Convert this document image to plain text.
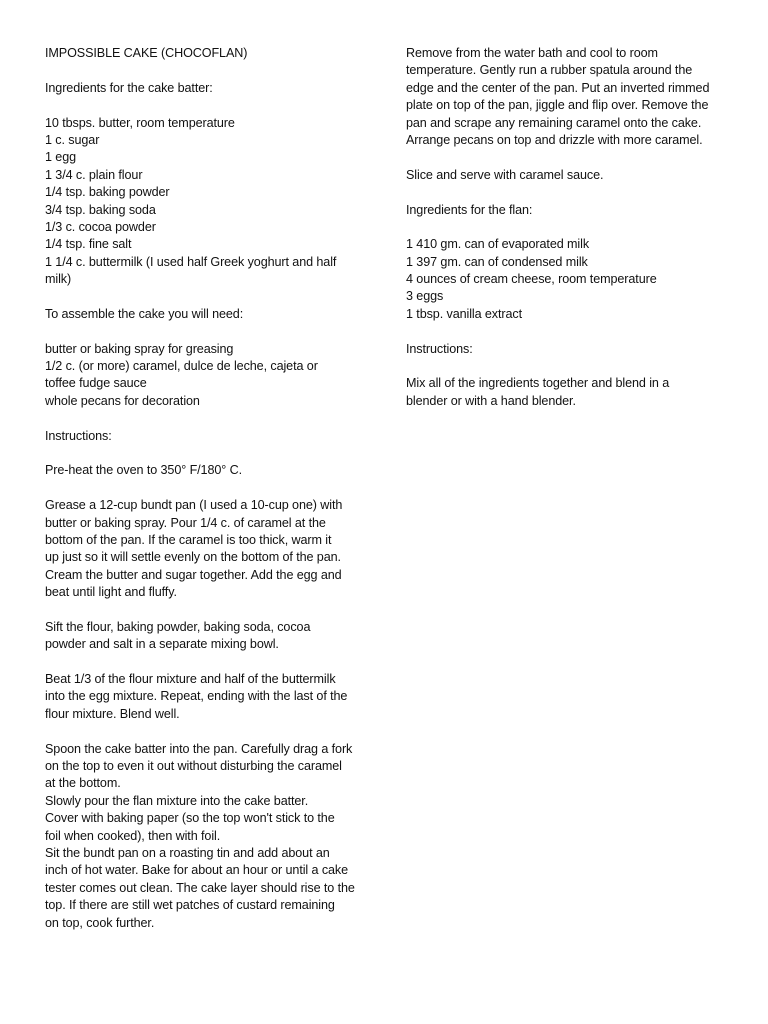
IMPOSSIBLE CAKE (CHOCOFLAN)
Ingredients for the cake batter:
10 tbsps. butter, room temperature
1 c. sugar
1 egg
1 3/4 c. plain flour
1/4 tsp. baking powder
3/4 tsp. baking soda
1/3 c. cocoa powder
1/4 tsp. fine salt
1 1/4 c. buttermilk (I used half Greek yoghurt and half
milk)
To assemble the cake you will need:
butter or baking spray for greasing
1/2 c. (or more) caramel, dulce de leche, cajeta or
toffee fudge sauce
whole pecans for decoration
Instructions:
Pre-heat the oven to 350° F/180° C.
Grease a 12-cup bundt pan (I used a 10-cup one) with
butter or baking spray. Pour 1/4 c. of caramel at the
bottom of the pan. If the caramel is too thick, warm it
up just so it will settle evenly on the bottom of the pan.
Cream the butter and sugar together. Add the egg and
beat until light and fluffy.
Sift the flour, baking powder, baking soda, cocoa
powder and salt in a separate mixing bowl.
Beat 1/3 of the flour mixture and half of the buttermilk
into the egg mixture. Repeat, ending with the last of the
flour mixture. Blend well.
Spoon the cake batter into the pan. Carefully drag a fork
on the top to even it out without disturbing the caramel
at the bottom.
Slowly pour the flan mixture into the cake batter.
Cover with baking paper (so the top won't stick to the
foil when cooked), then with foil.
Sit the bundt pan on a roasting tin and add about an
inch of hot water. Bake for about an hour or until a cake
tester comes out clean. The cake layer should rise to the
top. If there are still wet patches of custard remaining
on top, cook further.
Remove from the water bath and cool to room
temperature. Gently run a rubber spatula around the
edge and the center of the pan. Put an inverted rimmed
plate on top of the pan, jiggle and flip over. Remove the
pan and scrape any remaining caramel onto the cake.
Arrange pecans on top and drizzle with more caramel.
Slice and serve with caramel sauce.
Ingredients for the flan:
1 410 gm. can of evaporated milk
1 397 gm. can of condensed milk
4 ounces of cream cheese, room temperature
3 eggs
1 tbsp. vanilla extract
Instructions:
Mix all of the ingredients together and blend in a
blender or with a hand blender.
